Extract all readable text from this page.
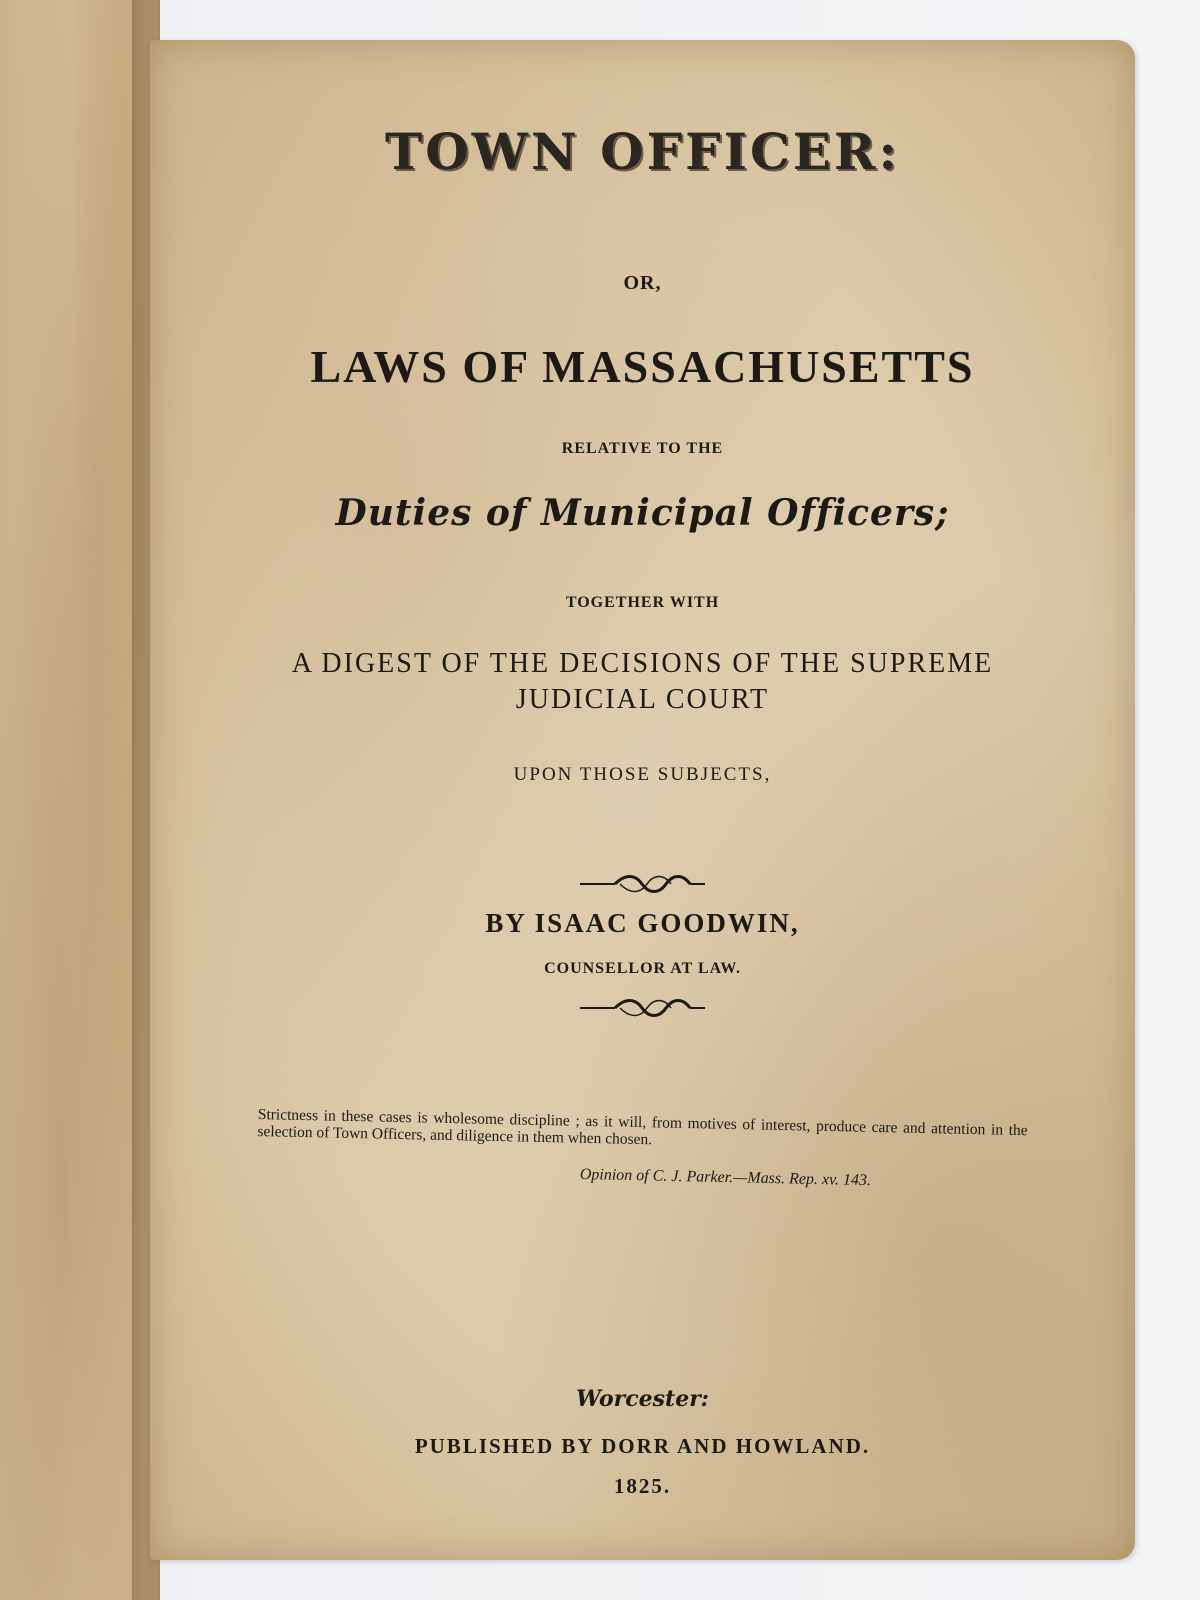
TOWN OFFICER:
OR,
LAWS OF MASSACHUSETTS
RELATIVE TO THE
Duties of Municipal Officers;
TOGETHER WITH
A DIGEST OF THE DECISIONS OF THE SUPREME
JUDICIAL COURT
UPON THOSE SUBJECTS,
BY ISAAC GOODWIN,
COUNSELLOR AT LAW.
Strictness in these cases is wholesome discipline ; as it will, from motives of interest, produce care and attention in the selection of Town Officers, and diligence in them when chosen.
Opinion of C. J. Parker.—Mass. Rep. xv. 143.
Worcester:
PUBLISHED BY DORR AND HOWLAND.
1825.
